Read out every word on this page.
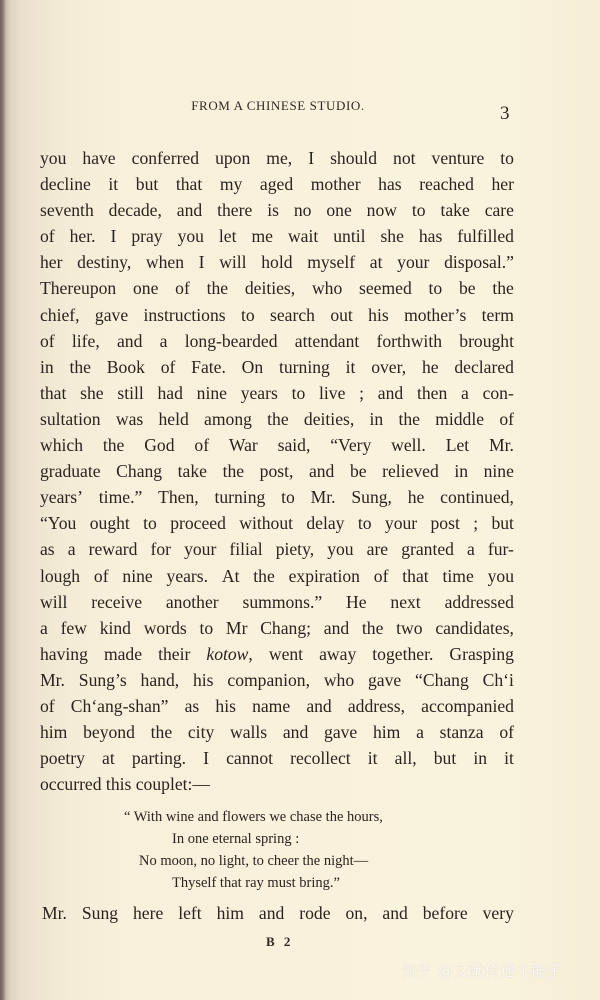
FROM A CHINESE STUDIO.	3
you have conferred upon me, I should not venture to
decline it but that my aged mother has reached her
seventh decade, and there is no one now to take care
of her. I pray you let me wait until she has fulfilled
her destiny, when I will hold myself at your disposal.”
Thereupon one of the deities, who seemed to be the
chief, gave instructions to search out his mother’s term
of life, and a long-bearded attendant forthwith brought
in the Book of Fate. On turning it over, he declared
that she still had nine years to live ; and then a con-
sultation was held among the deities, in the middle of
which the God of War said, “Very well. Let Mr.
graduate Chang take the post, and be relieved in nine
years’ time.” Then, turning to Mr. Sung, he continued,
“You ought to proceed without delay to your post ; but
as a reward for your filial piety, you are granted a fur-
lough of nine years. At the expiration of that time you
will receive another summons.” He next addressed
a few kind words to Mr Chang; and the two candidates,
having made their kotow, went away together. Grasping
Mr. Sung’s hand, his companion, who gave “Chang Ch‘i
of Ch‘ang-shan” as his name and address, accompanied
him beyond the city walls and gave him a stanza of
poetry at parting. I cannot recollect it all, but in it
occurred this couplet:—
“ With wine and flowers we chase the hours,
In one eternal spring :
No moon, no light, to cheer the night—
Thyself that ray must bring.”
Mr. Sung here left him and rode on, and before very
B 2
知乎 @文献传递小能手
